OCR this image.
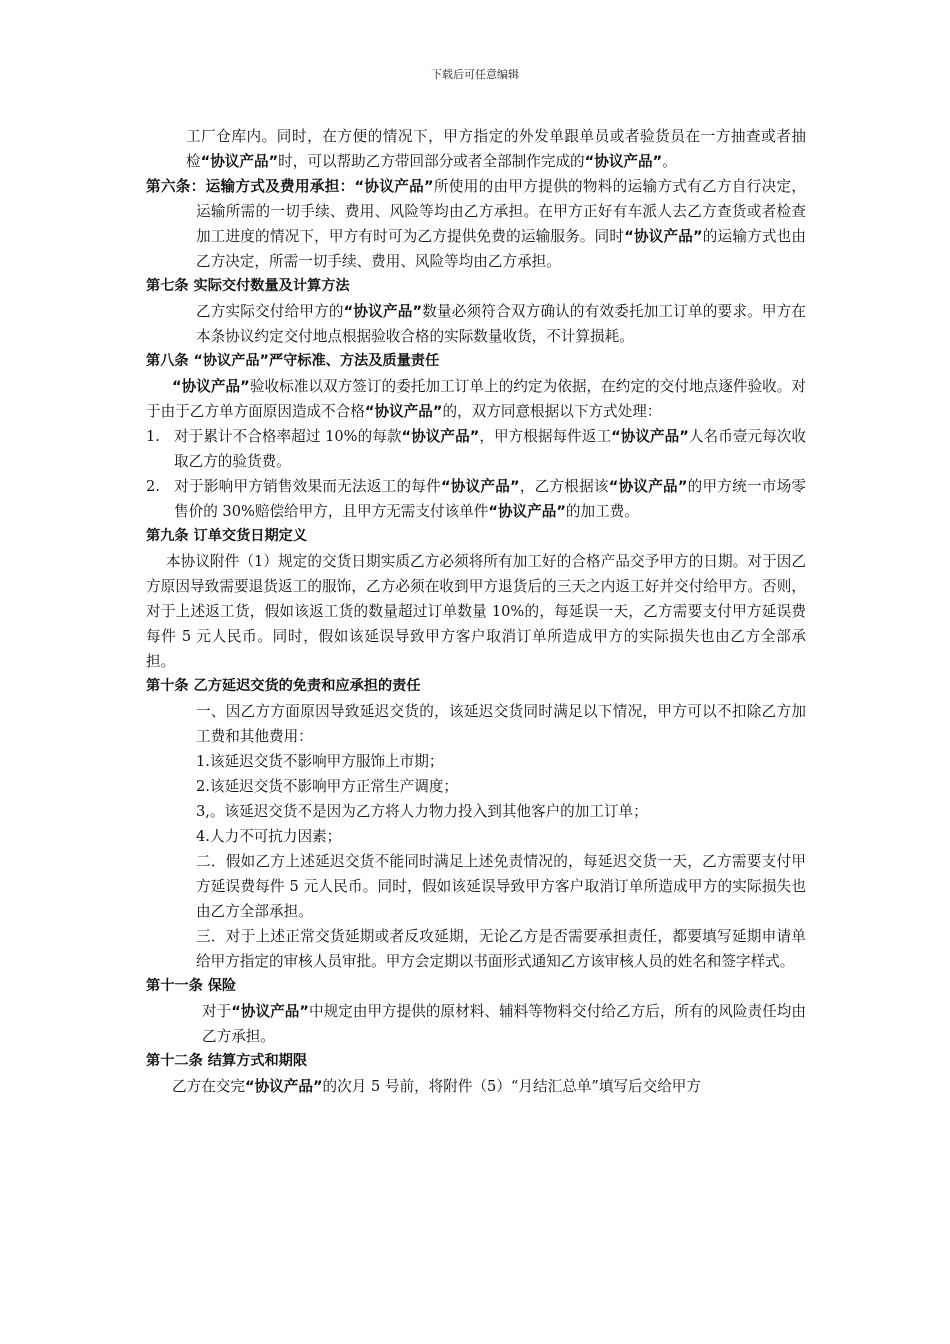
下载后可任意编辑

工厂仓库内。同时，在方便的情况下，甲方指定的外发单跟单员或者验货员在一方抽查或者抽检“协议产品”时，可以帮助乙方带回部分或者全部制作完成的“协议产品”。

第六条：运输方式及费用承担：“协议产品”所使用的由甲方提供的物料的运输方式有乙方自行决定，运输所需的一切手续、费用、风险等均由乙方承担。在甲方正好有车派人去乙方查货或者检查加工进度的情况下，甲方有时可为乙方提供免费的运输服务。同时“协议产品”的运输方式也由乙方决定，所需一切手续、费用、风险等均由乙方承担。

第七条 实际交付数量及计算方法

乙方实际交付给甲方的“协议产品”数量必须符合双方确认的有效委托加工订单的要求。甲方在本条协议约定交付地点根据验收合格的实际数量收货，不计算损耗。

第八条 “协议产品”严守标准、方法及质量责任

“协议产品”验收标准以双方签订的委托加工订单上的约定为依据，在约定的交付地点逐件验收。对于由于乙方单方面原因造成不合格“协议产品”的，双方同意根据以下方式处理：

1. 对于累计不合格率超过 10%的每款“协议产品”，甲方根据每件返工“协议产品”人名币壹元每次收取乙方的验货费。

2. 对于影响甲方销售效果而无法返工的每件“协议产品”，乙方根据该“协议产品”的甲方统一市场零售价的 30%赔偿给甲方，且甲方无需支付该单件“协议产品”的加工费。

第九条 订单交货日期定义

本协议附件（1）规定的交货日期实质乙方必须将所有加工好的合格产品交予甲方的日期。对于因乙方原因导致需要退货返工的服饰，乙方必须在收到甲方退货后的三天之内返工好并交付给甲方。否则，对于上述返工货，假如该返工货的数量超过订单数量 10%的，每延误一天，乙方需要支付甲方延误费每件 5 元人民币。同时，假如该延误导致甲方客户取消订单所造成甲方的实际损失也由乙方全部承担。

第十条 乙方延迟交货的免责和应承担的责任

一、因乙方方面原因导致延迟交货的，该延迟交货同时满足以下情况，甲方可以不扣除乙方加工费和其他费用：

1.该延迟交货不影响甲方服饰上市期；

2.该延迟交货不影响甲方正常生产调度；

3,。该延迟交货不是因为乙方将人力物力投入到其他客户的加工订单；

4.人力不可抗力因素；

二．假如乙方上述延迟交货不能同时满足上述免责情况的，每延迟交货一天，乙方需要支付甲方延误费每件 5 元人民币。同时，假如该延误导致甲方客户取消订单所造成甲方的实际损失也由乙方全部承担。

三．对于上述正常交货延期或者反攻延期，无论乙方是否需要承担责任，都要填写延期申请单给甲方指定的审核人员审批。甲方会定期以书面形式通知乙方该审核人员的姓名和签字样式。

第十一条 保险

对于“协议产品”中规定由甲方提供的原材料、辅料等物料交付给乙方后，所有的风险责任均由乙方承担。

第十二条 结算方式和期限

乙方在交完“协议产品”的次月 5 号前，将附件（5）“月结汇总单”填写后交给甲方
